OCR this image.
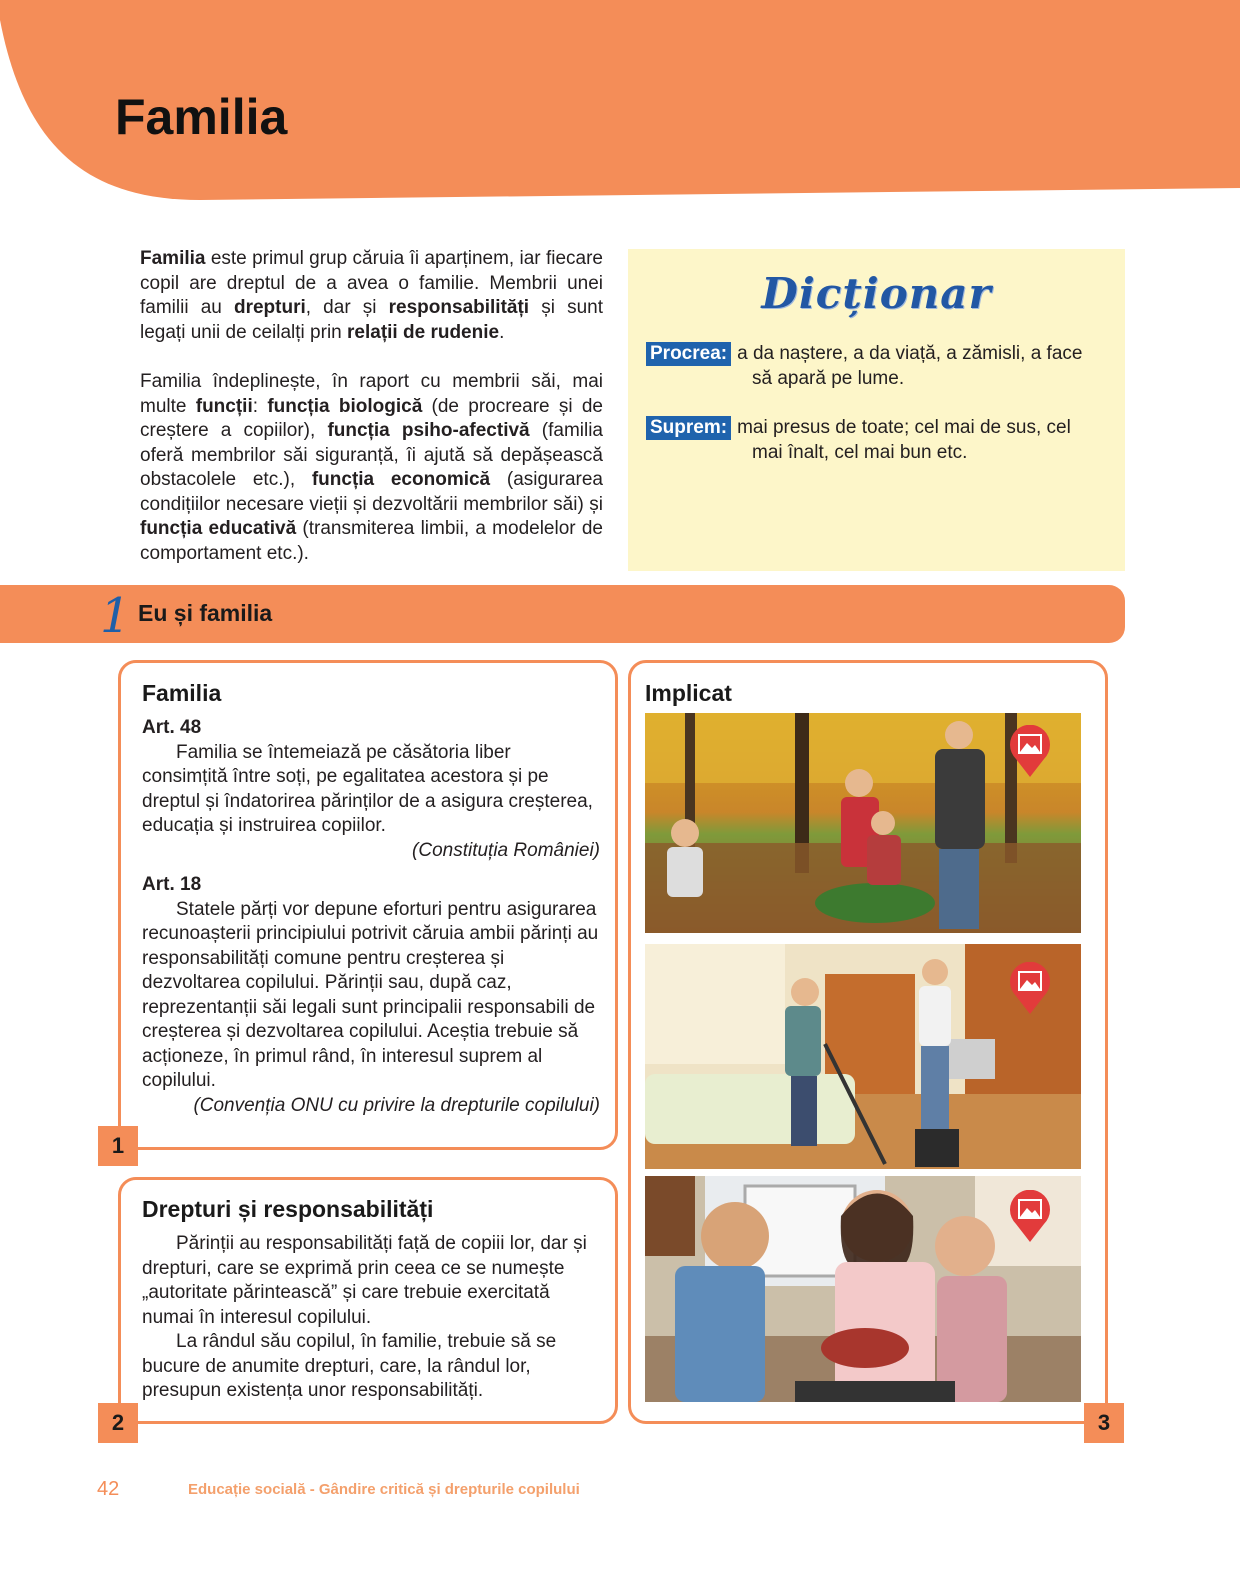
Familia

Familia este primul grup căruia îi aparținem, iar fiecare copil are dreptul de a avea o familie. Membrii unei familii au drepturi, dar și responsabilități și sunt legați unii de ceilalți prin relații de rudenie.

Familia îndeplinește, în raport cu membrii săi, mai multe funcții: funcția biologică (de procreare și de creștere a copiilor), funcția psiho-afectivă (familia oferă membrilor săi siguranță, îi ajută să depășească obstacolele etc.), funcția economică (asigurarea condițiilor necesare vieții și dezvoltării membrilor săi) și funcția educativă (transmiterea limbii, a modelelor de comportament etc.).

Dicționar
Procrea: a da naștere, a da viață, a zămisli, a face
să apară pe lume.
Suprem: mai presus de toate; cel mai de sus, cel
mai înalt, cel mai bun etc.
1 Eu și familia
Familia
Art. 48
Familia se întemeiază pe căsătoria liber consimțită între soți, pe egalitatea acestora și pe dreptul și îndatorirea părinților de a asigura creșterea, educația și instruirea copiilor.
(Constituția României)
Art. 18
Statele părți vor depune eforturi pentru asigurarea recunoașterii principiului potrivit căruia ambii părinți au responsabilități comune pentru creșterea și dezvoltarea copilului. Părinții sau, după caz, reprezentanții săi legali sunt principalii responsabili de creșterea și dezvoltarea copilului. Aceștia trebuie să acționeze, în primul rând, în interesul suprem al copilului.
(Convenția ONU cu privire la drepturile copilului)
1
Drepturi și responsabilități
Părinții au responsabilități față de copiii lor, dar și drepturi, care se exprimă prin ceea ce se numește „autoritate părintească” și care trebuie exercitată numai în interesul copilului.
La rândul său copilul, în familie, trebuie să se bucure de anumite drepturi, care, la rândul lor, presupun existența unor responsabilități.
2
Implicat
3
42	Educație socială - Gândire critică și drepturile copilului
